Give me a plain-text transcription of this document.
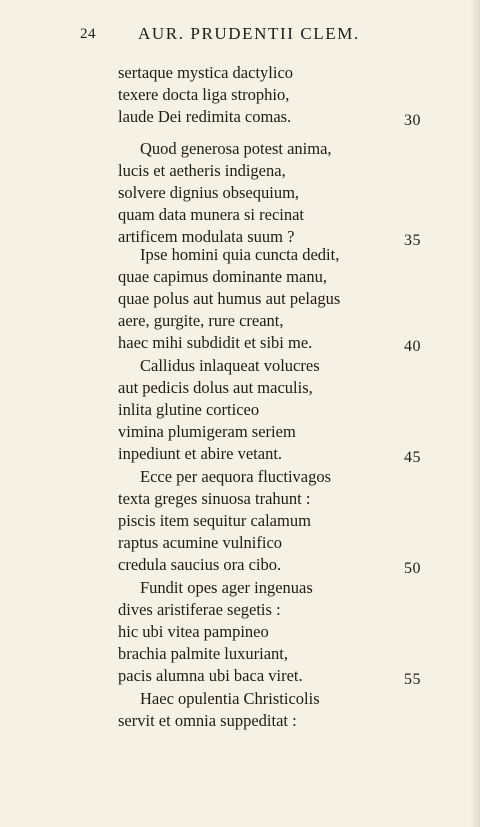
24 AUR. PRUDENTII CLEM.
sertaque mystica dactylico
texere docta liga strophio,
laude Dei redimita comas.	30
Quod generosa potest anima,
lucis et aetheris indigena,
solvere dignius obsequium,
quam data munera si recinat
artificem modulata suum ?	35
Ipse homini quia cuncta dedit,
quae capimus dominante manu,
quae polus aut humus aut pelagus
aere, gurgite, rure creant,
haec mihi subdidit et sibi me.	40
Callidus inlaqueat volucres
aut pedicis dolus aut maculis,
inlita glutine corticeo
vimina plumigeram seriem
inpediunt et abire vetant.	45
Ecce per aequora fluctivagos
texta greges sinuosa trahunt :
piscis item sequitur calamum
raptus acumine vulnifico
credula saucius ora cibo.	50
Fundit opes ager ingenuas
dives aristiferae segetis :
hic ubi vitea pampineo
brachia palmite luxuriant,
pacis alumna ubi baca viret.	55
Haec opulentia Christicolis
servit et omnia suppeditat :
